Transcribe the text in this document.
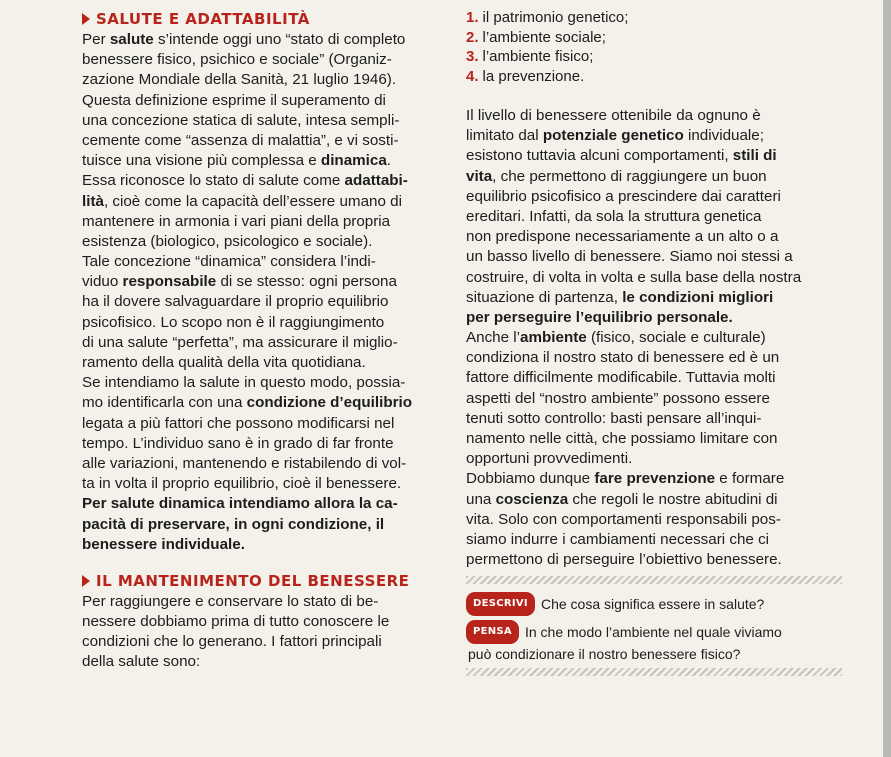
SALUTE E ADATTABILITÀ
Per salute s’intende oggi uno “stato di completo
benessere fisico, psichico e sociale” (Organiz-
zazione Mondiale della Sanità, 21 luglio 1946).
Questa definizione esprime il superamento di
una concezione statica di salute, intesa sempli-
cemente come “assenza di malattia”, e vi sosti-
tuisce una visione più complessa e dinamica.
Essa riconosce lo stato di salute come adattabi-
lità, cioè come la capacità dell’essere umano di
mantenere in armonia i vari piani della propria
esistenza (biologico, psicologico e sociale).
Tale concezione “dinamica” considera l’indi-
viduo responsabile di se stesso: ogni persona
ha il dovere salvaguardare il proprio equilibrio
psicofisico. Lo scopo non è il raggiungimento
di una salute “perfetta”, ma assicurare il miglio-
ramento della qualità della vita quotidiana.
Se intendiamo la salute in questo modo, possia-
mo identificarla con una condizione d’equilibrio
legata a più fattori che possono modificarsi nel
tempo. L’individuo sano è in grado di far fronte
alle variazioni, mantenendo e ristabilendo di vol-
ta in volta il proprio equilibrio, cioè il benessere.
Per salute dinamica intendiamo allora la ca-
pacità di preservare, in ogni condizione, il
benessere individuale.
IL MANTENIMENTO DEL BENESSERE
Per raggiungere e conservare lo stato di be-
nessere dobbiamo prima di tutto conoscere le
condizioni che lo generano. I fattori principali
della salute sono:
1. il patrimonio genetico;
2. l’ambiente sociale;
3. l’ambiente fisico;
4. la prevenzione.
Il livello di benessere ottenibile da ognuno è
limitato dal potenziale genetico individuale;
esistono tuttavia alcuni comportamenti, stili di
vita, che permettono di raggiungere un buon
equilibrio psicofisico a prescindere dai caratteri
ereditari. Infatti, da sola la struttura genetica
non predispone necessariamente a un alto o a
un basso livello di benessere. Siamo noi stessi a
costruire, di volta in volta e sulla base della nostra
situazione di partenza, le condizioni migliori
per perseguire l’equilibrio personale.
Anche l’ambiente (fisico, sociale e culturale)
condiziona il nostro stato di benessere ed è un
fattore difficilmente modificabile. Tuttavia molti
aspetti del “nostro ambiente” possono essere
tenuti sotto controllo: basti pensare all’inqui-
namento nelle città, che possiamo limitare con
opportuni provvedimenti.
Dobbiamo dunque fare prevenzione e formare
una coscienza che regoli le nostre abitudini di
vita. Solo con comportamenti responsabili pos-
siamo indurre i cambiamenti necessari che ci
permettono di perseguire l’obiettivo benessere.
DESCRIVI Che cosa significa essere in salute?
PENSA In che modo l’ambiente nel quale viviamo
può condizionare il nostro benessere fisico?
